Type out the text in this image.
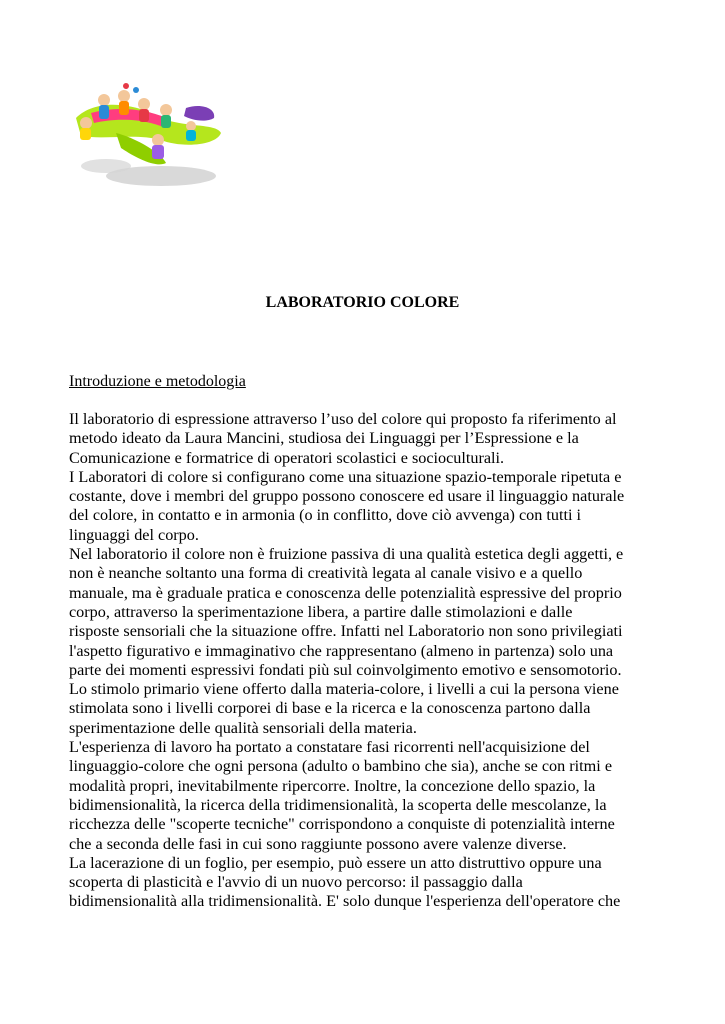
LABORATORIO COLORE
Introduzione e metodologia
Il laboratorio di espressione attraverso l’uso del colore qui proposto fa riferimento al
metodo ideato da Laura Mancini, studiosa dei Linguaggi per l’Espressione e la
Comunicazione e formatrice di operatori scolastici e socioculturali.
I Laboratori di colore si configurano come una situazione spazio-temporale ripetuta e
costante, dove i membri del gruppo possono conoscere ed usare il linguaggio naturale
del colore, in contatto e in armonia (o in conflitto, dove ciò avvenga) con tutti i
linguaggi del corpo.
Nel laboratorio il colore non è fruizione passiva di una qualità estetica degli aggetti, e
non è neanche soltanto una forma di creatività legata al canale visivo e a quello
manuale, ma è graduale pratica e conoscenza delle potenzialità espressive del proprio
corpo, attraverso la sperimentazione libera, a partire dalle stimolazioni e dalle
risposte sensoriali che la situazione offre. Infatti nel Laboratorio non sono privilegiati
l'aspetto figurativo e immaginativo che rappresentano (almeno in partenza) solo una
parte dei momenti espressivi fondati più sul coinvolgimento emotivo e sensomotorio.
Lo stimolo primario viene offerto dalla materia-colore, i livelli a cui la persona viene
stimolata sono i livelli corporei di base e la ricerca e la conoscenza partono dalla
sperimentazione delle qualità sensoriali della materia.
L'esperienza di lavoro ha portato a constatare fasi ricorrenti nell'acquisizione del
linguaggio-colore che ogni persona (adulto o bambino che sia), anche se con ritmi e
modalità propri, inevitabilmente ripercorre. Inoltre, la concezione dello spazio, la
bidimensionalità, la ricerca della tridimensionalità, la scoperta delle mescolanze, la
ricchezza delle "scoperte tecniche" corrispondono a conquiste di potenzialità interne
che a seconda delle fasi in cui sono raggiunte possono avere valenze diverse.
La lacerazione di un foglio, per esempio, può essere un atto distruttivo oppure una
scoperta di plasticità e l'avvio di un nuovo percorso: il passaggio dalla
bidimensionalità alla tridimensionalità. E' solo dunque l'esperienza dell'operatore che
